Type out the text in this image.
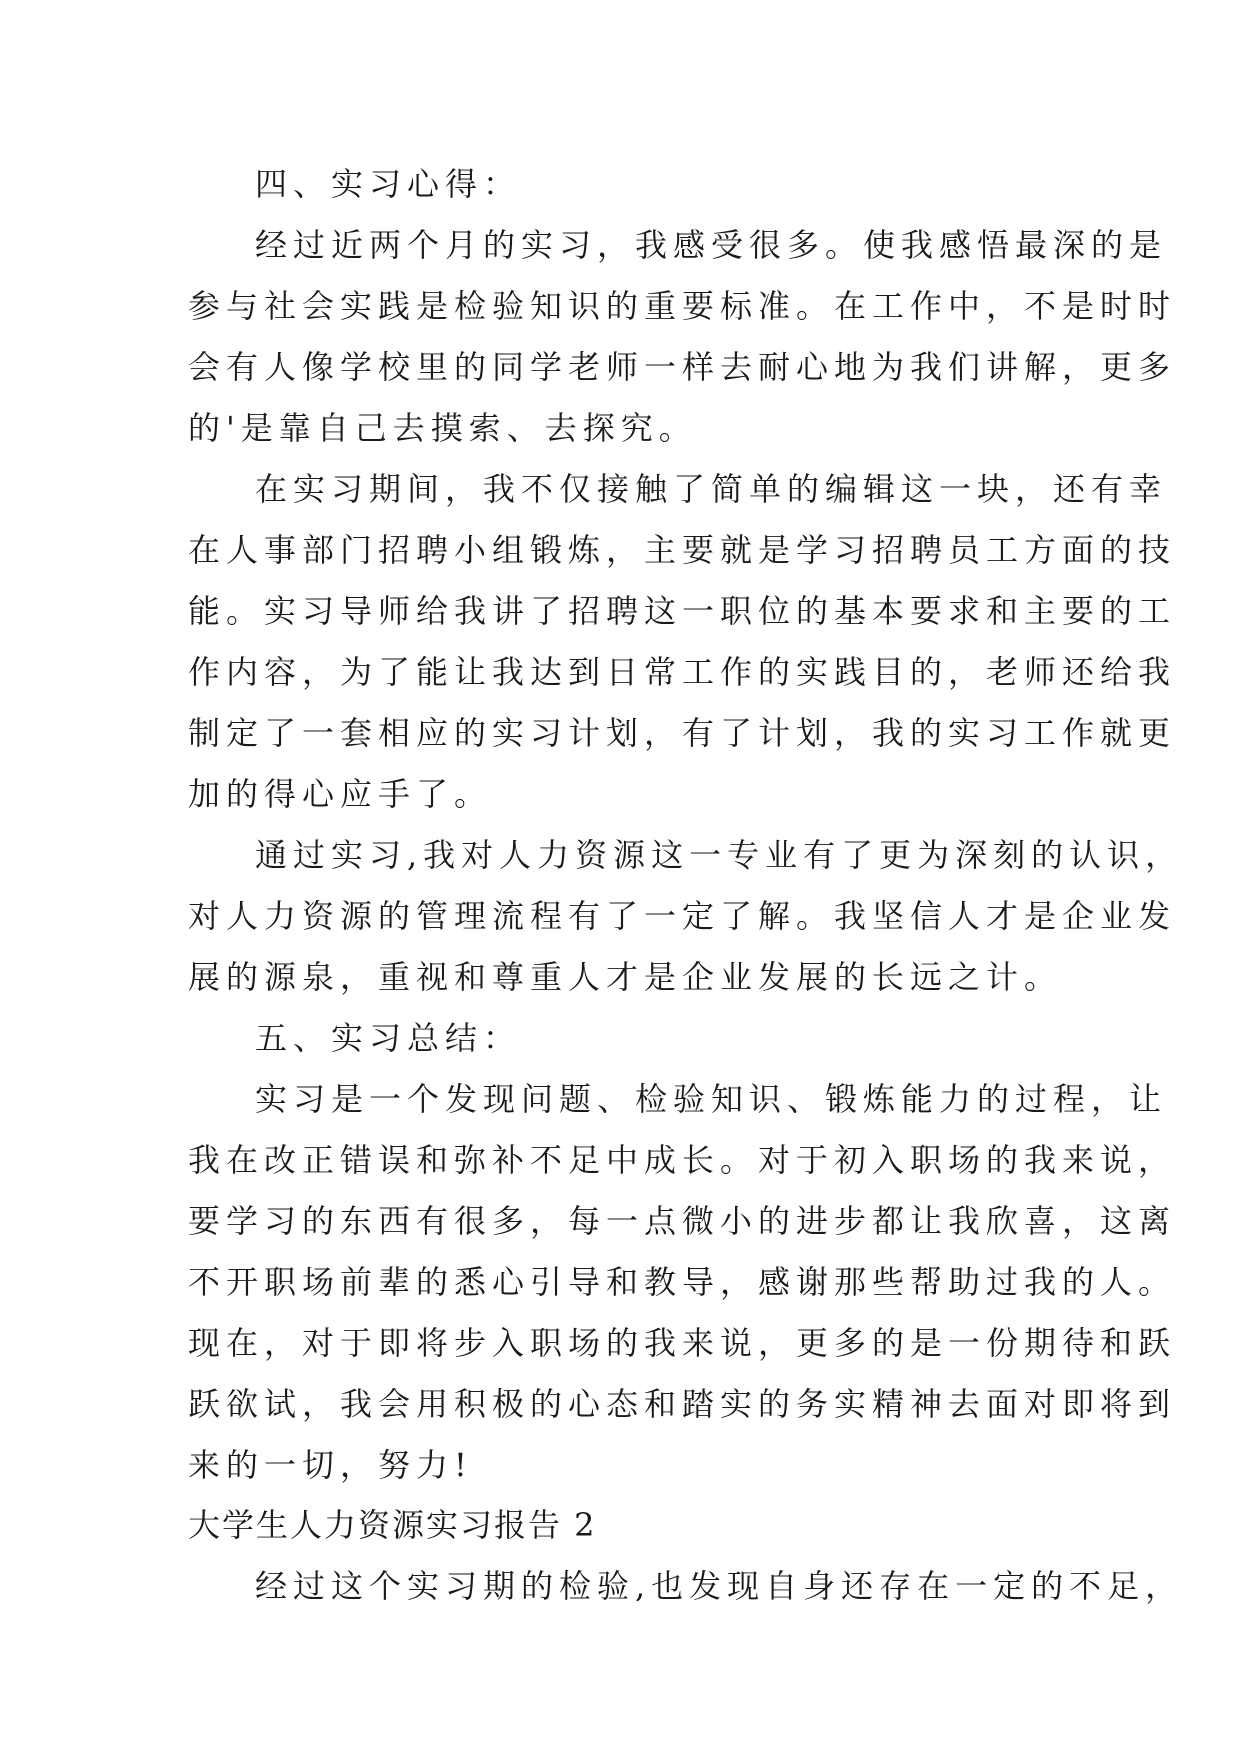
四、实习心得：
经过近两个月的实习，我感受很多。使我感悟最深的是
参与社会实践是检验知识的重要标准。在工作中，不是时时
会有人像学校里的同学老师一样去耐心地为我们讲解，更多
的'是靠自己去摸索、去探究。
在实习期间，我不仅接触了简单的编辑这一块，还有幸
在人事部门招聘小组锻炼，主要就是学习招聘员工方面的技
能。实习导师给我讲了招聘这一职位的基本要求和主要的工
作内容，为了能让我达到日常工作的实践目的，老师还给我
制定了一套相应的实习计划，有了计划，我的实习工作就更
加的得心应手了。
通过实习,我对人力资源这一专业有了更为深刻的认识，
对人力资源的管理流程有了一定了解。我坚信人才是企业发
展的源泉，重视和尊重人才是企业发展的长远之计。
五、实习总结：
实习是一个发现问题、检验知识、锻炼能力的过程，让
我在改正错误和弥补不足中成长。对于初入职场的我来说，
要学习的东西有很多，每一点微小的进步都让我欣喜，这离
不开职场前辈的悉心引导和教导，感谢那些帮助过我的人。
现在，对于即将步入职场的我来说，更多的是一份期待和跃
跃欲试，我会用积极的心态和踏实的务实精神去面对即将到
来的一切，努力!
大学生人力资源实习报告 2
经过这个实习期的检验,也发现自身还存在一定的不足，
